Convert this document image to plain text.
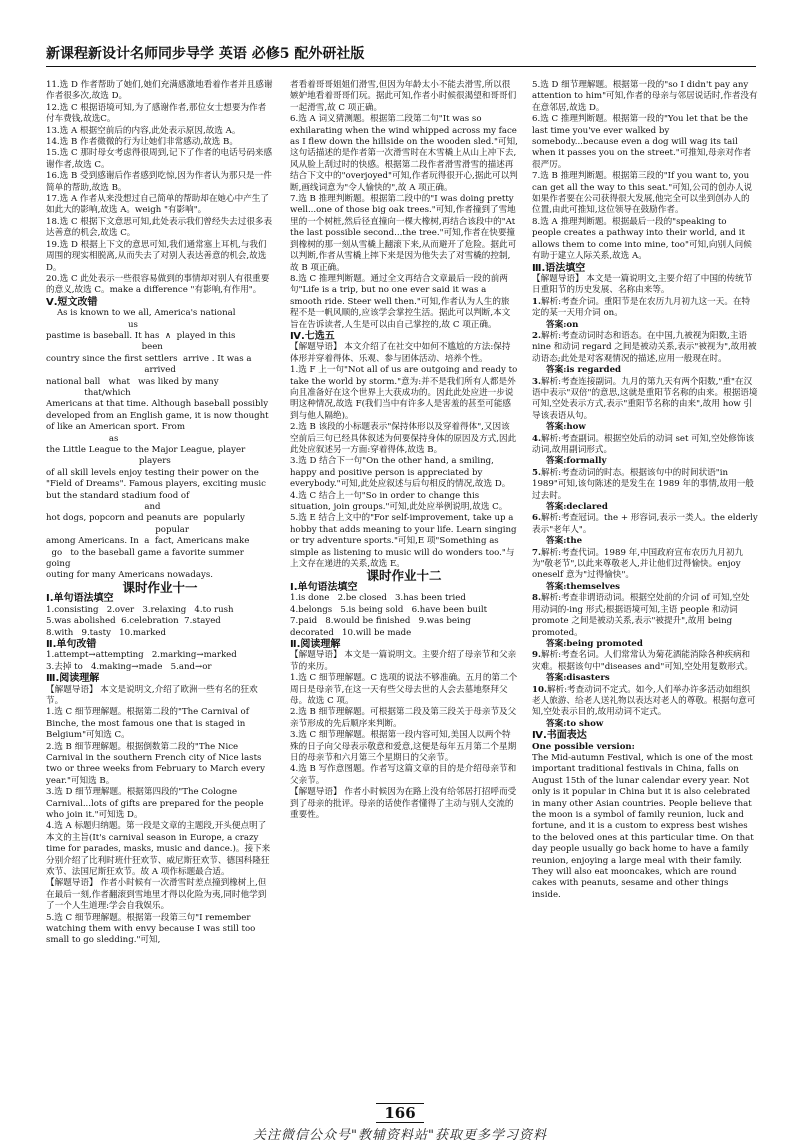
新课程新设计名师同步导学 英语 必修5 配外研社版

11.选 D 作者帮助了她们,她们充满感激地看着作者并且感谢作者很多次,故选 D。

12.选 C 根据语境可知,为了感谢作者,那位女士想要为作者付车费钱,故选C。

13.选 A 根据空前后的内容,此处表示原因,故选 A。

14.选 B 作者微微的行为让她们非常感动,故选 B。

15.选 C 那时母女考虑得很周到,记下了作者的电话号码来感谢作者,故选 C。

16.选 B 受到感谢后作者感到吃惊,因为作者认为那只是一件简单的帮助,故选 B。

17.选 A 作者从来没想过自己简单的帮助却在她心中产生了如此大的影响,故选 A。weigh "有影响"。

18.选 C 根据下文意思可知,此处表示我们曾经失去过很多表达善意的机会,故选 C。

19.选 D 根据上下文的意思可知,我们通常塞上耳机,与我们周围的现实相脱离,从而失去了对别人表达善意的机会,故选 D。

20.选 C 此处表示一些很容易做到的事情却对别人有很重要的意义,故选 C。make a difference "有影响,有作用"。

Ⅴ.短文改错

As is known to we all, America's national

us

pastime is baseball. It has  ∧  played in this

been

country since the first settlers  arrive . It was a

arrived

national ball   what   was liked by many

that/which

Americans at that time. Although baseball possibly developed from an English game, it is now thought of like an American sport. From

as

the Little League to the Major League, player

players

of all skill levels enjoy testing their power on the "Field of Dreams". Famous players, exciting music but the standard stadium food of

and

hot dogs, popcorn and peanuts are  popularly

popular

among Americans. In  a  fact, Americans make

go   to the baseball game a favorite summer

going

outing for many Americans nowadays.

课时作业十一

Ⅰ.单句语法填空

1.consisting   2.over   3.relaxing   4.to rush

5.was abolished  6.celebration  7.stayed

8.with   9.tasty   10.marked

Ⅱ.单句改错

1.attempt→attempting   2.marking→marked

3.去掉 to   4.making→made   5.and→or

Ⅲ.阅读理解

【解题导语】 本文是说明文,介绍了欧洲一些有名的狂欢节。

1.选 C 细节理解题。根据第二段的"The Carnival of Binche, the most famous one that is staged in Belgium"可知选 C。

2.选 B 细节理解题。根据倒数第二段的"The Nice Carnival in the southern French city of Nice lasts two or three weeks from February to March every year."可知选 B。

3.选 D 细节理解题。根据第四段的"The Cologne Carnival...lots of gifts are prepared for the people who join it."可知选 D。

4.选 A 标题归纳题。第一段是文章的主题段,开头便点明了本文的主旨(It's carnival season in Europe, a crazy time for parades, masks, music and dance.)。接下来分别介绍了比利时班什狂欢节、威尼斯狂欢节、德国科隆狂欢节、法国尼斯狂欢节。故 A 项作标题最合适。

【解题导语】 作者小时候有一次滑雪时差点撞到橡树上,但在最后一刻,作者翻滚到雪地里才得以化险为夷,同时他学到了一个人生道理:学会自我娱乐。

5.选 C 细节理解题。根据第一段第三句"I remember watching them with envy because I was still too small to go sledding."可知,

者看着哥哥姐姐们滑雪,但因为年龄太小不能去滑雪,所以很嫉妒地看着哥哥们玩。据此可知,作者小时候很渴望和哥哥们一起滑雪,故 C 项正确。

6.选 A 词义猜测题。根据第二段第二句"It was so exhilarating when the wind whipped across my face as I flew down the hillside on the wooden sled."可知,这句话描述的是作者第一次滑雪时在木雪橇上从山上冲下去,风从脸上刮过时的快感。根据第二段作者滑雪滑雪的描述再结合下文中的"overjoyed"可知,作者玩得很开心,据此可以判断,画线词意为"令人愉快的",故 A 项正确。

7.选 B 推理判断题。根据第二段中的"I was doing pretty well...one of those big oak trees."可知,作者撞到了雪地里的一个树桩,然后径直撞向一棵大橡树,再结合该段中的"At the last possible second...the tree."可知,作者在快要撞到橡树的那一刻从雪橇上翻滚下来,从而避开了危险。据此可以判断,作者从雪橇上摔下来是因为他失去了对雪橇的控制,故 B 项正确。

8.选 C 推理判断题。通过全文再结合文章最后一段的前两句"Life is a trip, but no one ever said it was a smooth ride. Steer well then."可知,作者认为人生的旅程不是一帆风顺的,应该学会掌控生活。据此可以判断,本文旨在告诉读者,人生是可以由自己掌控的,故 C 项正确。

Ⅳ.七选五

【解题导语】 本文介绍了在社交中如何不尴尬的方法:保持体形并穿着得体、乐观、参与团体活动、培养个性。

1.选 F 上一句"Not all of us are outgoing and ready to take the world by storm."意为:并不是我们所有人都是外向且准备好在这个世界上大获成功的。因此此处应进一步说明这种情况,故选 F(我们当中有许多人是害羞的甚至可能感到与他人隔绝)。

2.选 B 该段的小标题表示"保持体形以及穿着得体",又因该空前后三句已经具体叙述为何要保持身体的原因及方式,因此此处应叙述另一方面:穿着得体,故选 B。

3.选 D 结合下一句"On the other hand, a smiling, happy and positive person is appreciated by everybody."可知,此处应叙述与后句相反的情况,故选 D。

4.选 C 结合上一句"So in order to change this situation, join groups."可知,此处应举例说明,故选 C。

5.选 E 结合上文中的"For self-improvement, take up a hobby that adds meaning to your life. Learn singing or try adventure sports."可知,E 项"Something as simple as listening to music will do wonders too."与上文存在递进的关系,故选 E。

课时作业十二

Ⅰ.单句语法填空

1.is done   2.be closed   3.has been tried

4.belongs   5.is being sold   6.have been built

7.paid   8.would be finished   9.was being

decorated   10.will be made

Ⅱ.阅读理解

【解题导语】 本文是一篇说明文。主要介绍了母亲节和父亲节的来历。

1.选 C 细节理解题。C 选项的说法不够准确。五月的第二个周日是母亲节,在这一天有些父母去世的人会去墓地祭拜父母。故选 C 项。

2.选 B 细节理解题。可根据第二段及第三段关于母亲节及父亲节形成的先后顺序来判断。

3.选 C 细节理解题。根据第一段内容可知,美国人以两个特殊的日子向父母表示敬意和爱意,这便是每年五月第二个星期日的母亲节和六月第三个星期日的父亲节。

4.选 B 写作意图题。作者写这篇文章的目的是介绍母亲节和父亲节。

【解题导语】 作者小时候因为在路上没有给邻居打招呼而受到了母亲的批评。母亲的话使作者懂得了主动与别人交流的重要性。

5.选 D 细节理解题。根据第一段的"so I didn't pay any attention to him"可知,作者的母亲与邻居说话时,作者没有在意邻居,故选 D。

6.选 C 推理判断题。根据第一段的"You let that be the last time you've ever walked by somebody...because even a dog will wag its tail when it passes you on the street."可推知,母亲对作者很严厉。

7.选 B 推理判断题。根据第三段的"If you want to, you can get all the way to this seat."可知,公司的创办人说如果作者要在公司获得很大发展,他完全可以坐到创办人的位置,由此可推知,这位领导在鼓励作者。

8.选 A 推理判断题。根据最后一段的"speaking to people creates a pathway into their world, and it allows them to come into mine, too"可知,向别人问候有助于建立人际关系,故选 A。

Ⅲ.语法填空

【解题导语】 本文是一篇说明文,主要介绍了中国的传统节日重阳节的历史发展、名称由来等。

1.解析:考查介词。重阳节是在农历九月初九这一天。在特定的某一天用介词 on。

答案:on

2.解析:考查动词时态和语态。在中国,九被视为阳数,主语 nine 和动词 regard 之间是被动关系,表示"被视为",故用被动语态;此处是对客观情况的描述,应用一般现在时。

答案:is regarded

3.解析:考查连接副词。九月的第九天有两个阳数,"重"在汉语中表示"双倍"的意思,这就是重阳节名称的由来。根据语境可知,空处表示方式,表示"重阳节名称的由来",故用 how 引导该表语从句。

答案:how

4.解析:考查副词。根据空处后的动词 set 可知,空处修饰该动词,故用副词形式。

答案:formally

5.解析:考查动词的时态。根据该句中的时间状语"in 1989"可知,该句陈述的是发生在 1989 年的事情,故用一般过去时。

答案:declared

6.解析:考查冠词。the + 形容词,表示一类人。the elderly 表示"老年人"。

答案:the

7.解析:考查代词。1989 年,中国政府宣布农历九月初九为"敬老节",以此来尊敬老人,并让他们过得愉快。enjoy oneself 意为"过得愉快"。

答案:themselves

8.解析:考查非谓语动词。根据空处前的介词 of 可知,空处用动词的-ing 形式;根据语境可知,主语 people 和动词 promote 之间是被动关系,表示"被提升",故用 being promoted。

答案:being promoted

9.解析:考查名词。人们常常认为菊花酒能消除各种疾病和灾难。根据该句中"diseases and"可知,空处用复数形式。

答案:disasters

10.解析:考查动词不定式。如今,人们举办许多活动如组织老人旅游、给老人送礼物以表达对老人的尊敬。根据句意可知,空处表示目的,故用动词不定式。

答案:to show

Ⅳ.书面表达

One possible version:

The Mid-autumn Festival, which is one of the most important traditional festivals in China, falls on August 15th of the lunar calendar every year. Not only is it popular in China but it is also celebrated in many other Asian countries. People believe that the moon is a symbol of family reunion, luck and fortune, and it is a custom to express best wishes to the beloved ones at this particular time. On that day people usually go back home to have a family reunion, enjoying a large meal with their family. They will also eat mooncakes, which are round cakes with peanuts, sesame and other things inside.

166
关注微信公众号"教辅资料站"获取更多学习资料
